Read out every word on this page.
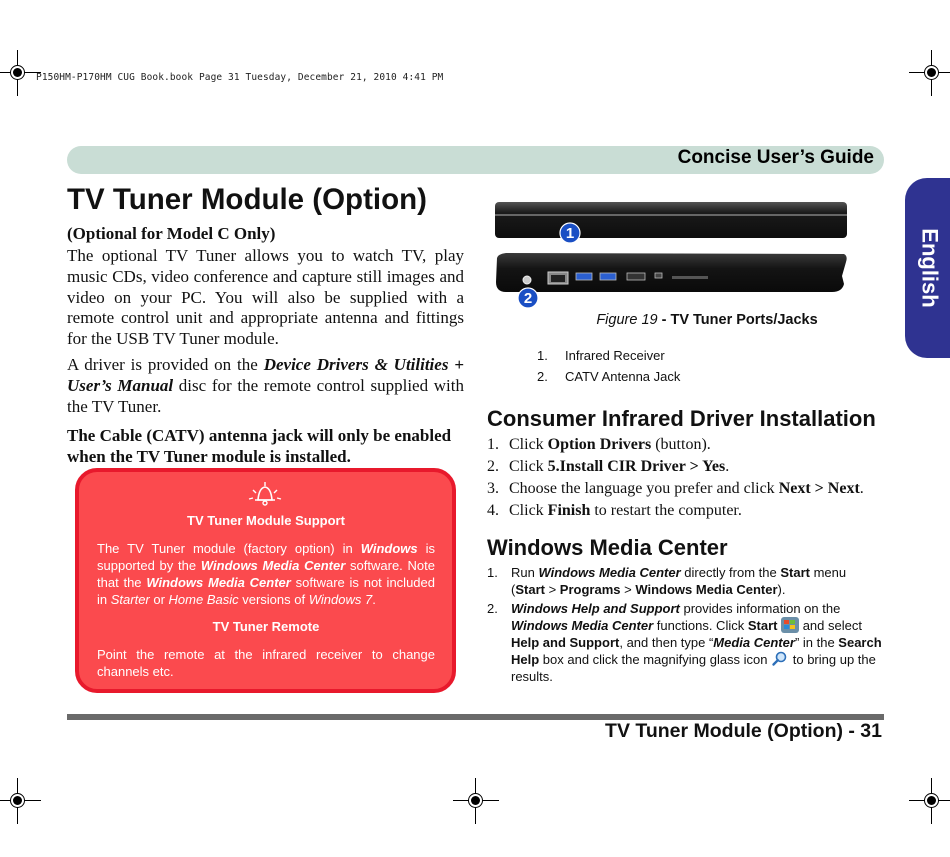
P150HM-P170HM CUG Book.book Page 31 Tuesday, December 21, 2010 4:41 PM
Concise User’s Guide
English
TV Tuner Module (Option)
(Optional for Model C Only)
The optional TV Tuner allows you to watch TV, play music CDs, video conference and capture still images and video on your PC. You will also be supplied with a remote control unit and appropriate antenna and fittings for the USB TV Tuner module.
A driver is provided on the Device Drivers & Utilities + User’s Manual disc for the remote control supplied with the TV Tuner.
The Cable (CATV) antenna jack will only be enabled when the TV Tuner module is installed.
TV Tuner Module Support
The TV Tuner module (factory option) in Windows is supported by the Windows Media Center software. Note that the Windows Media Center software is not included in Starter or Home Basic versions of Windows 7.
TV Tuner Remote
Point the remote at the infrared receiver to change channels etc.
1
2
Figure 19 - TV Tuner Ports/Jacks
1.	Infrared Receiver
2.	CATV Antenna Jack
Consumer Infrared Driver Installation
1. Click Option Drivers (button).
2. Click 5.Install CIR Driver > Yes.
3. Choose the language you prefer and click Next > Next.
4. Click Finish to restart the computer.
Windows Media Center
1. Run Windows Media Center directly from the Start menu (Start > Programs > Windows Media Center).
2. Windows Help and Support provides information on the Windows Media Center functions. Click Start  and select Help and Support, and then type “Media Center” in the Search Help box and click the magnifying glass icon  to bring up the results.
TV Tuner Module (Option) - 31
